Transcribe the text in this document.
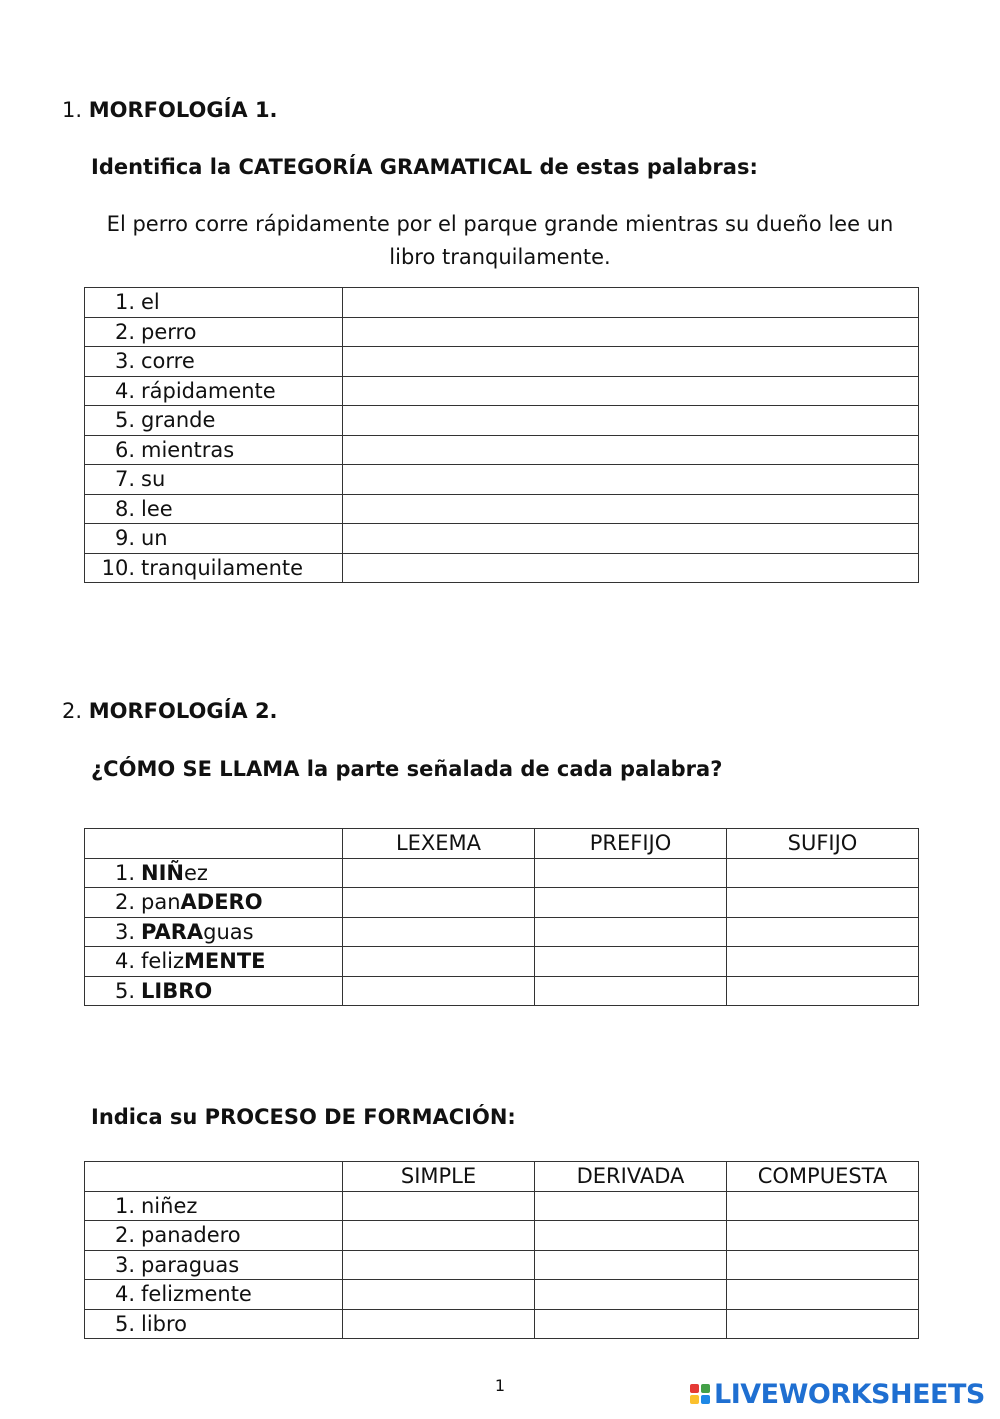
1. MORFOLOGÍA 1.
Identifica la CATEGORÍA GRAMATICAL de estas palabras:
El perro corre rápidamente por el parque grande mientras su dueño lee un libro tranquilamente.
1. el	
2. perro	
3. corre	
4. rápidamente	
5. grande	
6. mientras	
7. su	
8. lee	
9. un	
10. tranquilamente	
2. MORFOLOGÍA 2.
¿CÓMO SE LLAMA la parte señalada de cada palabra?
	LEXEMA	PREFIJO	SUFIJO
1. NIÑez			
2. panADERO			
3. PARAguas			
4. felizMENTE			
5. LIBRO			
Indica su PROCESO DE FORMACIÓN:
	SIMPLE	DERIVADA	COMPUESTA
1. niñez			
2. panadero			
3. paraguas			
4. felizmente			
5. libro			
1	LIVEWORKSHEETS
